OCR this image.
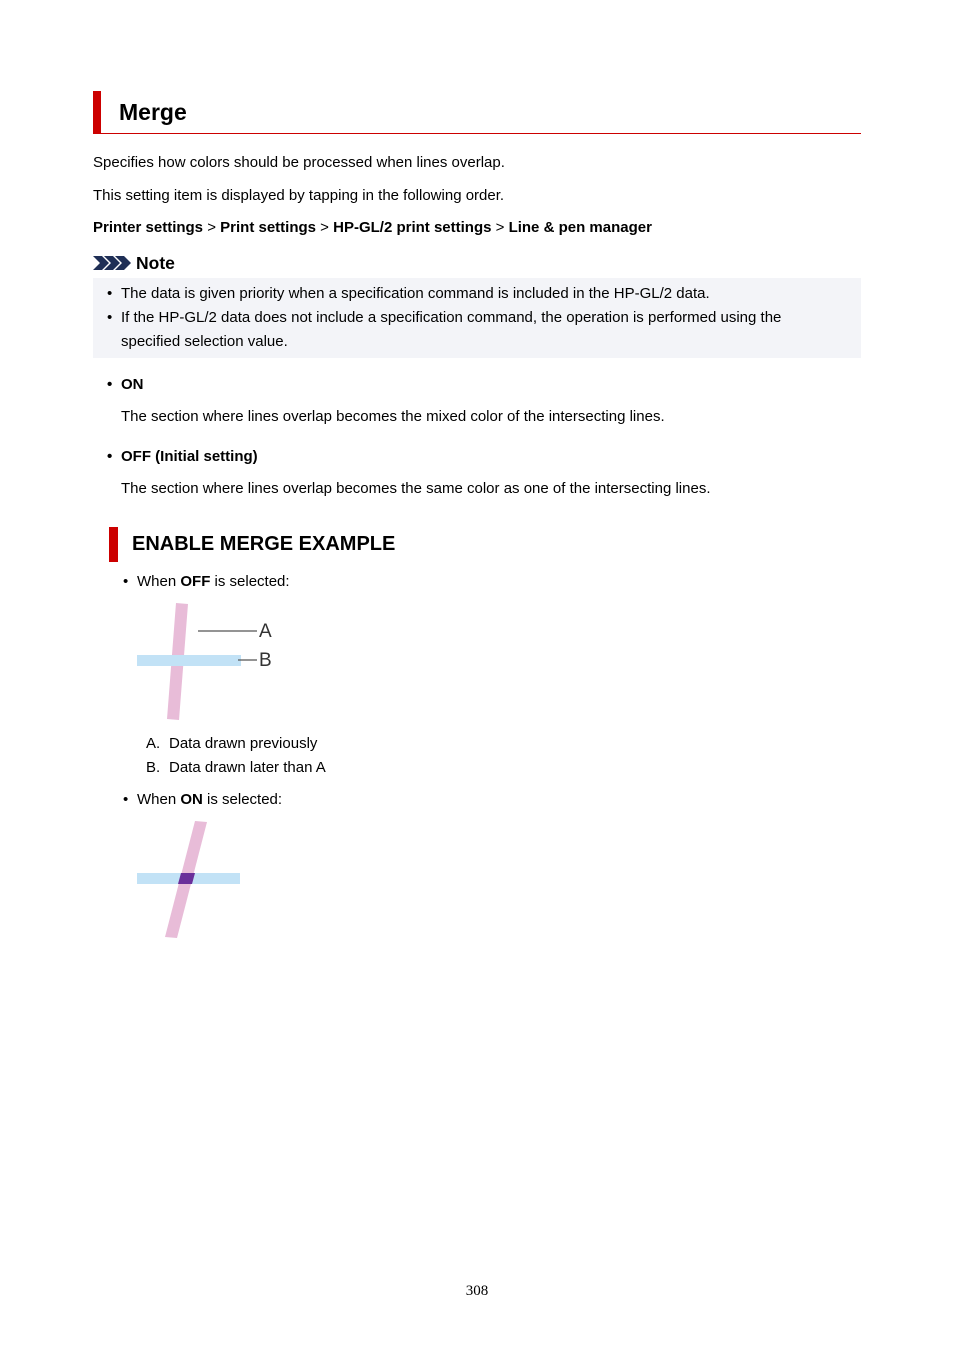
Merge
Specifies how colors should be processed when lines overlap.
This setting item is displayed by tapping in the following order.
Printer settings > Print settings > HP-GL/2 print settings > Line & pen manager
Note
• The data is given priority when a specification command is included in the HP-GL/2 data.
• If the HP-GL/2 data does not include a specification command, the operation is performed using the
specified selection value.
• ON
The section where lines overlap becomes the mixed color of the intersecting lines.
• OFF (Initial setting)
The section where lines overlap becomes the same color as one of the intersecting lines.
ENABLE MERGE EXAMPLE
• When OFF is selected:
A
B
A. Data drawn previously
B. Data drawn later than A
• When ON is selected:
308
